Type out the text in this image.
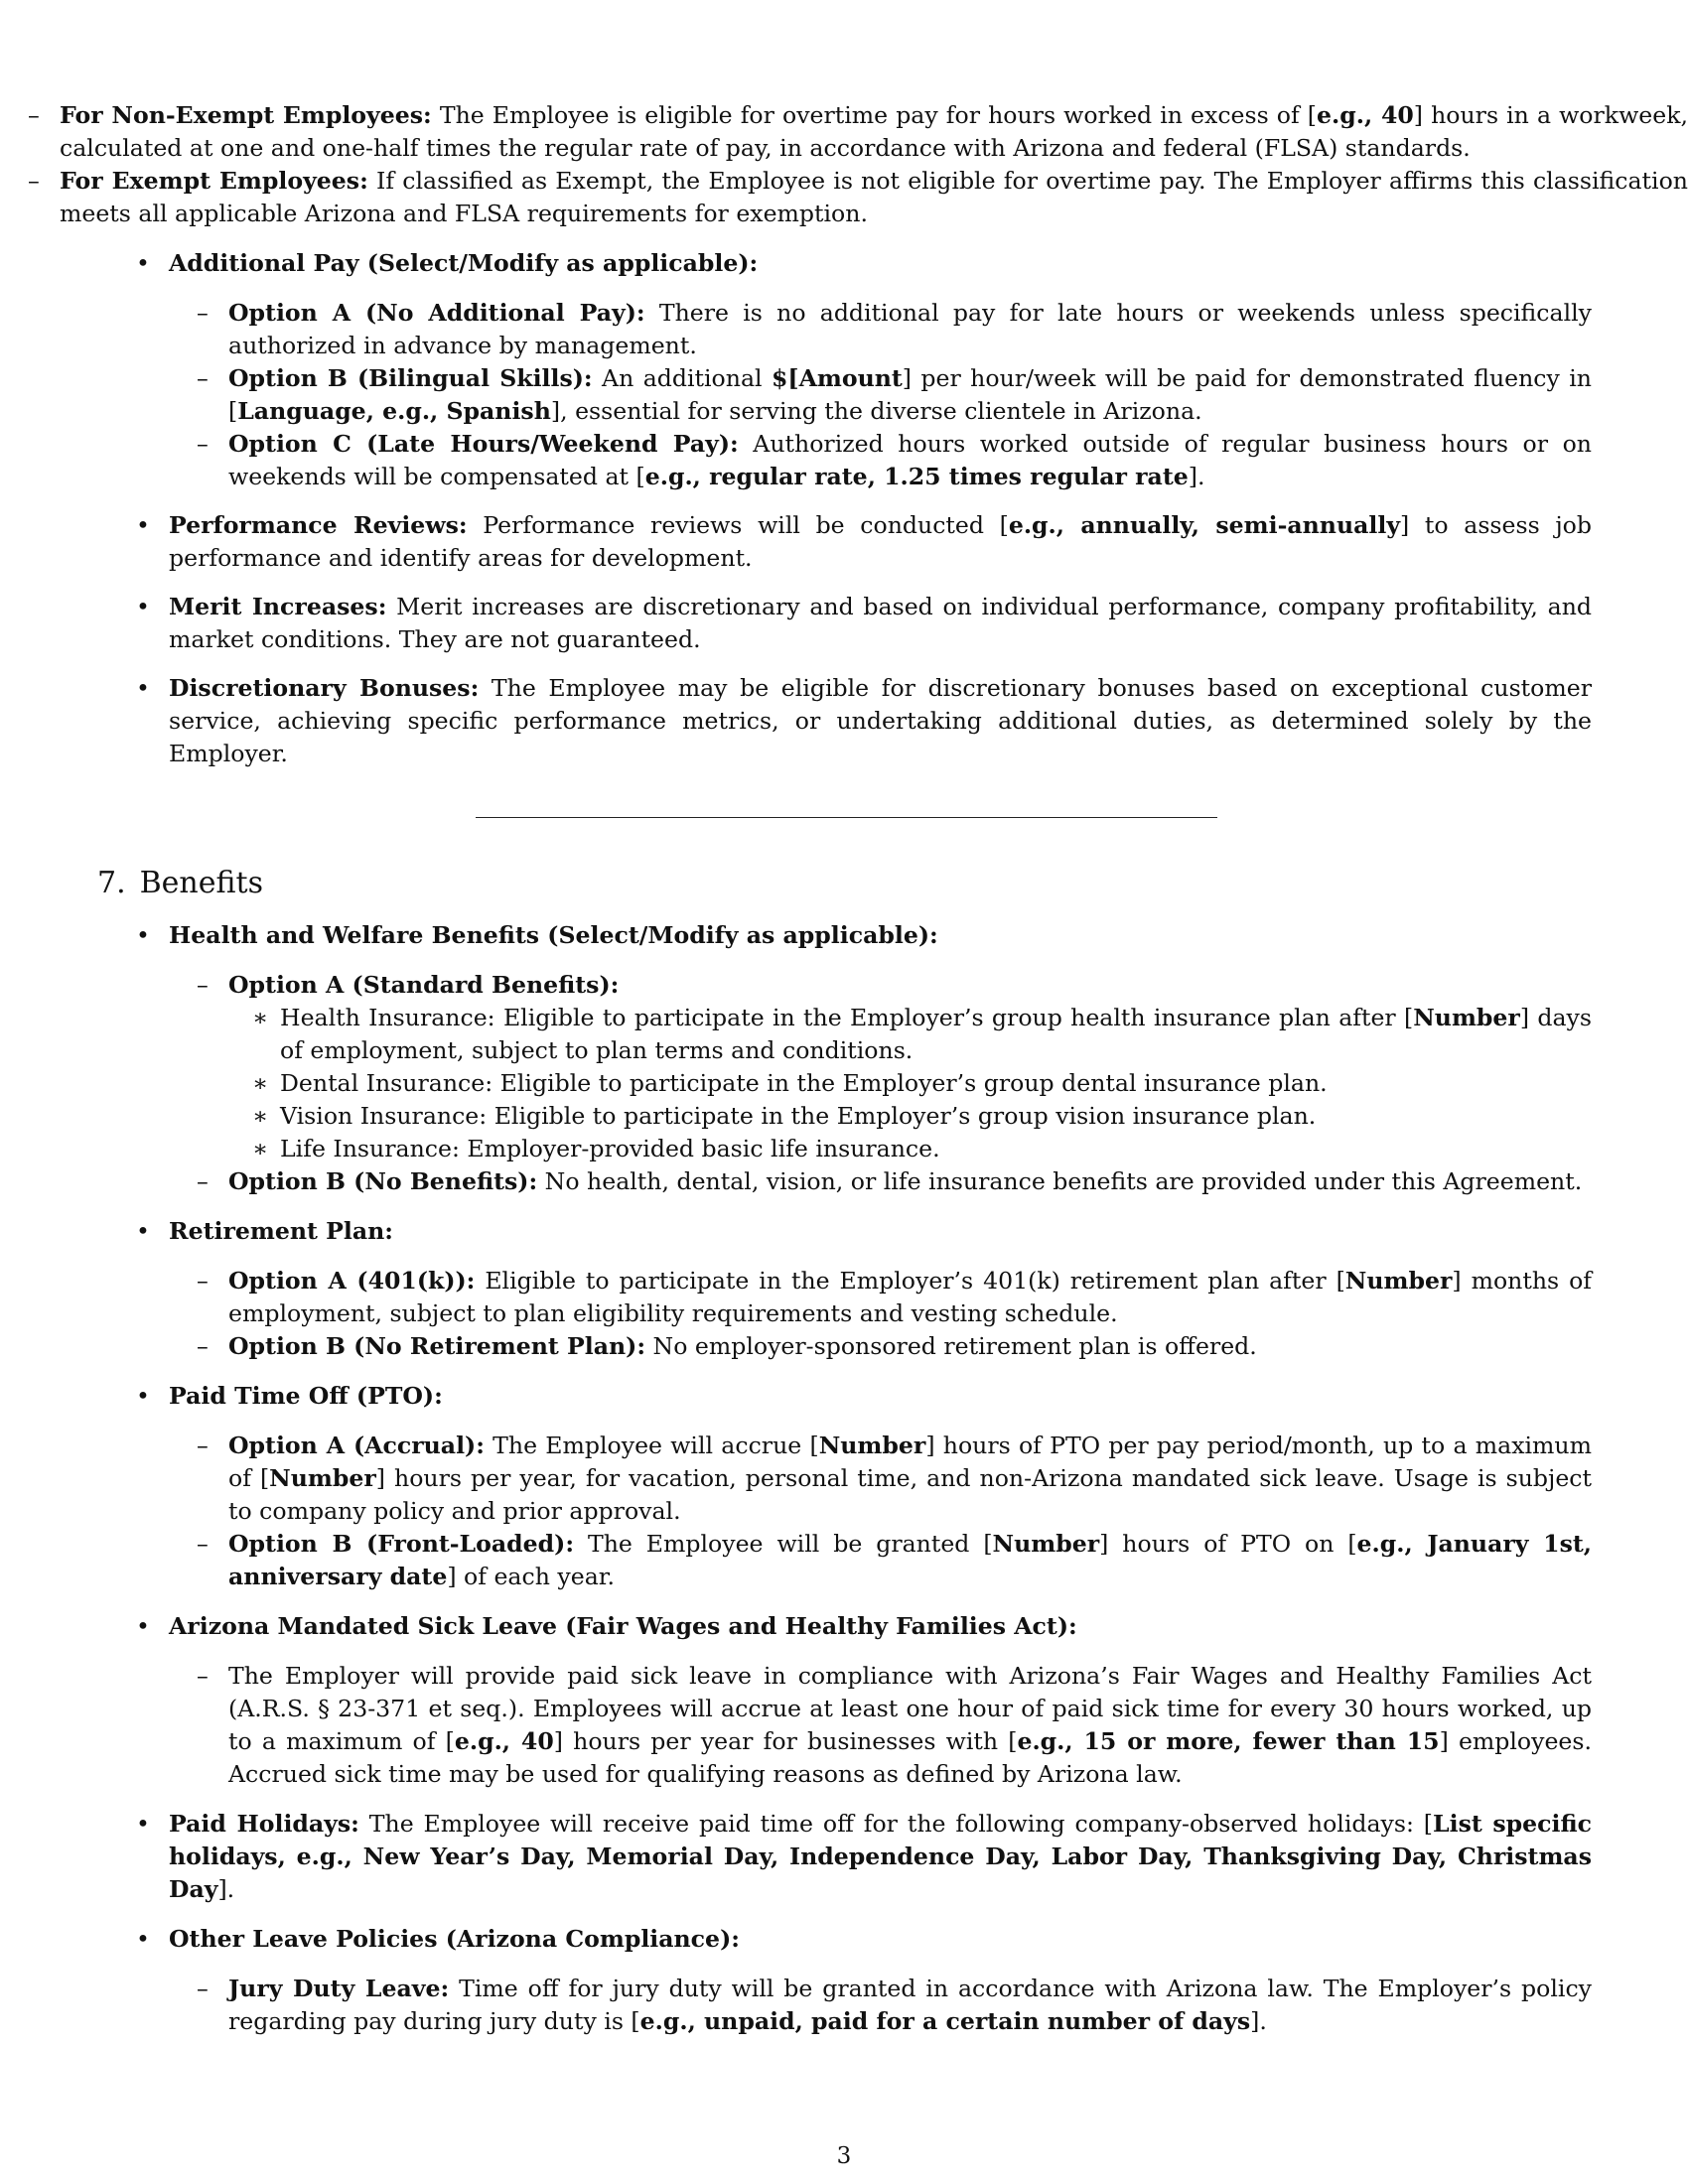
– For Non-Exempt Employees: The Employee is eligible for overtime pay for hours worked in excess of [e.g., 40] hours in a workweek, calculated at one and one-half times the regular rate of pay, in accordance with Arizona and federal (FLSA) standards.
– For Exempt Employees: If classified as Exempt, the Employee is not eligible for overtime pay. The Employer affirms this classification meets all applicable Arizona and FLSA requirements for exemption.
• Additional Pay (Select/Modify as applicable):
– Option A (No Additional Pay): There is no additional pay for late hours or weekends unless specifically authorized in advance by management.
– Option B (Bilingual Skills): An additional $[Amount] per hour/week will be paid for demonstrated fluency in [Language, e.g., Spanish], essential for serving the diverse clientele in Arizona.
– Option C (Late Hours/Weekend Pay): Authorized hours worked outside of regular business hours or on weekends will be compensated at [e.g., regular rate, 1.25 times regular rate].
• Performance Reviews: Performance reviews will be conducted [e.g., annually, semi-annually] to assess job performance and identify areas for development.
• Merit Increases: Merit increases are discretionary and based on individual performance, company profitability, and market conditions. They are not guaranteed.
• Discretionary Bonuses: The Employee may be eligible for discretionary bonuses based on exceptional customer service, achieving specific performance metrics, or undertaking additional duties, as determined solely by the Employer.
7. Benefits
• Health and Welfare Benefits (Select/Modify as applicable):
– Option A (Standard Benefits):
∗ Health Insurance: Eligible to participate in the Employer’s group health insurance plan after [Number] days of employment, subject to plan terms and conditions.
∗ Dental Insurance: Eligible to participate in the Employer’s group dental insurance plan.
∗ Vision Insurance: Eligible to participate in the Employer’s group vision insurance plan.
∗ Life Insurance: Employer-provided basic life insurance.
– Option B (No Benefits): No health, dental, vision, or life insurance benefits are provided under this Agreement.
• Retirement Plan:
– Option A (401(k)): Eligible to participate in the Employer’s 401(k) retirement plan after [Number] months of employment, subject to plan eligibility requirements and vesting schedule.
– Option B (No Retirement Plan): No employer-sponsored retirement plan is offered.
• Paid Time Off (PTO):
– Option A (Accrual): The Employee will accrue [Number] hours of PTO per pay period/month, up to a maximum of [Number] hours per year, for vacation, personal time, and non-Arizona mandated sick leave. Usage is subject to company policy and prior approval.
– Option B (Front-Loaded): The Employee will be granted [Number] hours of PTO on [e.g., January 1st, anniversary date] of each year.
• Arizona Mandated Sick Leave (Fair Wages and Healthy Families Act):
– The Employer will provide paid sick leave in compliance with Arizona’s Fair Wages and Healthy Families Act (A.R.S. § 23-371 et seq.). Employees will accrue at least one hour of paid sick time for every 30 hours worked, up to a maximum of [e.g., 40] hours per year for businesses with [e.g., 15 or more, fewer than 15] employees. Accrued sick time may be used for qualifying reasons as defined by Arizona law.
• Paid Holidays: The Employee will receive paid time off for the following company-observed holidays: [List specific holidays, e.g., New Year’s Day, Memorial Day, Independence Day, Labor Day, Thanksgiving Day, Christmas Day].
• Other Leave Policies (Arizona Compliance):
– Jury Duty Leave: Time off for jury duty will be granted in accordance with Arizona law. The Employer’s policy regarding pay during jury duty is [e.g., unpaid, paid for a certain number of days].
3
